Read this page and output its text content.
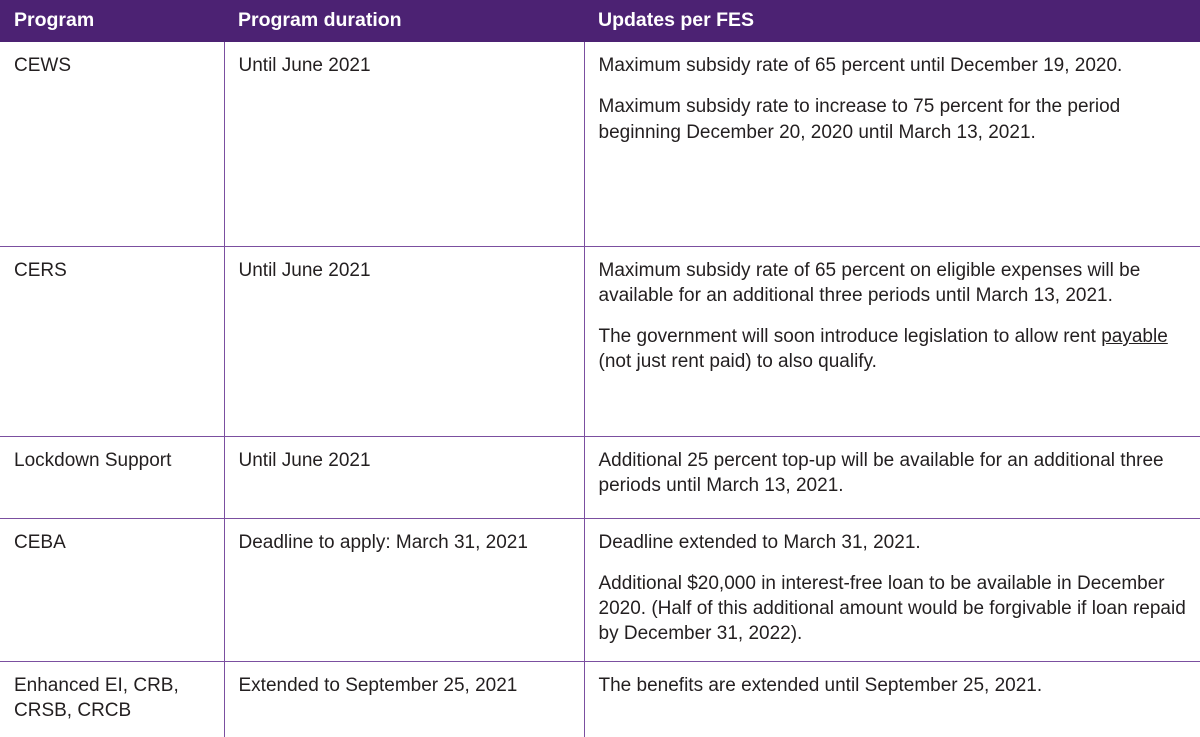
Program	Program duration	Updates per FES
CEWS	Until June 2021	Maximum subsidy rate of 65 percent until December 19, 2020.

Maximum subsidy rate to increase to 75 percent for the period beginning December 20, 2020 until March 13, 2021.

CERS	Until June 2021	Maximum subsidy rate of 65 percent on eligible expenses will be available for an additional three periods until March 13, 2021.

The government will soon introduce legislation to allow rent payable (not just rent paid) to also qualify.

Lockdown Support	Until June 2021	Additional 25 percent top-up will be available for an additional three periods until March 13, 2021.

CEBA	Deadline to apply: March 31, 2021	Deadline extended to March 31, 2021.

Additional $20,000 in interest-free loan to be available in December 2020. (Half of this additional amount would be forgivable if loan repaid by December 31, 2022).

Enhanced EI, CRB, CRSB, CRCB	Extended to September 25, 2021	The benefits are extended until September 25, 2021.
